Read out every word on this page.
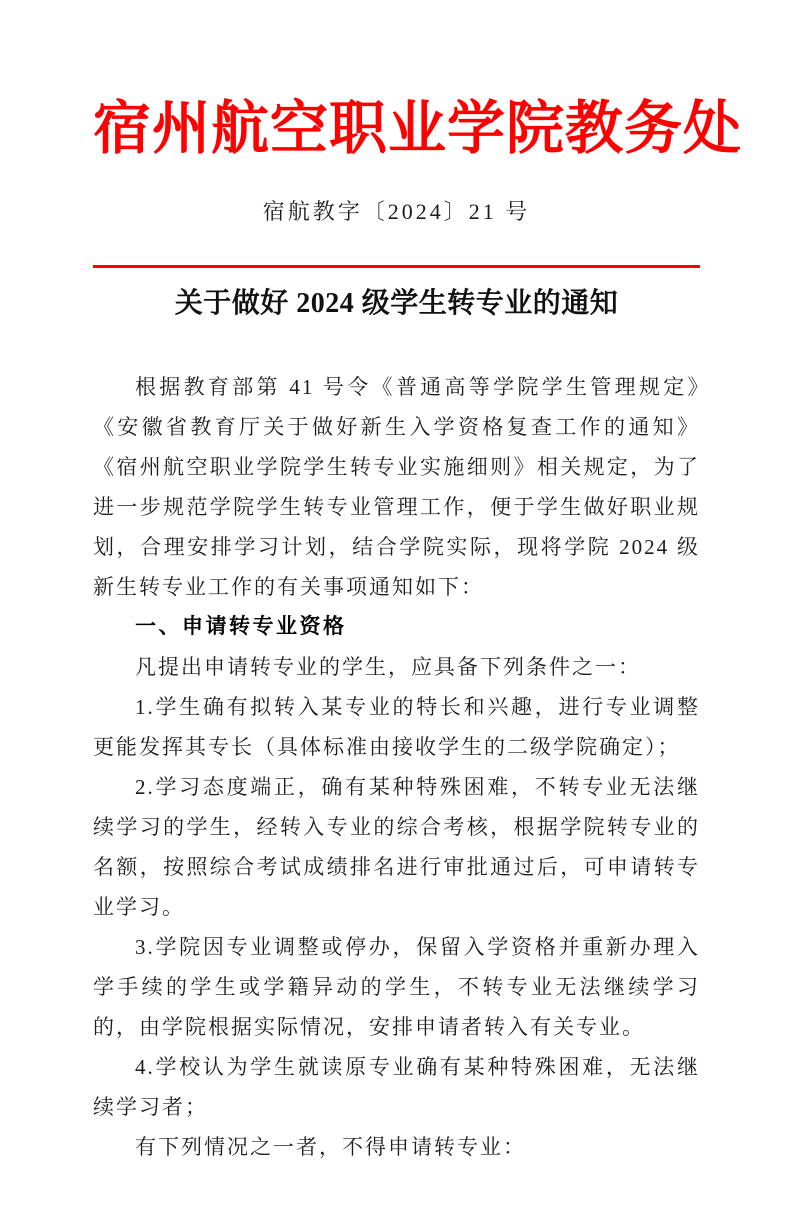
宿州航空职业学院教务处
宿航教字〔2024〕21 号
关于做好 2024 级学生转专业的通知

根据教育部第 41 号令《普通高等学院学生管理规定》　《安徽省教育厅关于做好新生入学资格复查工作的通知》《宿州航空职业学院学生转专业实施细则》相关规定，为了进一步规范学院学生转专业管理工作，便于学生做好职业规划，合理安排学习计划，结合学院实际，现将学院 2024 级新生转专业工作的有关事项通知如下：

一、申请转专业资格

凡提出申请转专业的学生，应具备下列条件之一：

1.学生确有拟转入某专业的特长和兴趣，进行专业调整更能发挥其专长（具体标准由接收学生的二级学院确定）；

2.学习态度端正，确有某种特殊困难，不转专业无法继续学习的学生，经转入专业的综合考核，根据学院转专业的名额，按照综合考试成绩排名进行审批通过后，可申请转专业学习。

3.学院因专业调整或停办，保留入学资格并重新办理入学手续的学生或学籍异动的学生，不转专业无法继续学习的，由学院根据实际情况，安排申请者转入有关专业。

4.学校认为学生就读原专业确有某种特殊困难，无法继续学习者；

有下列情况之一者，不得申请转专业：
